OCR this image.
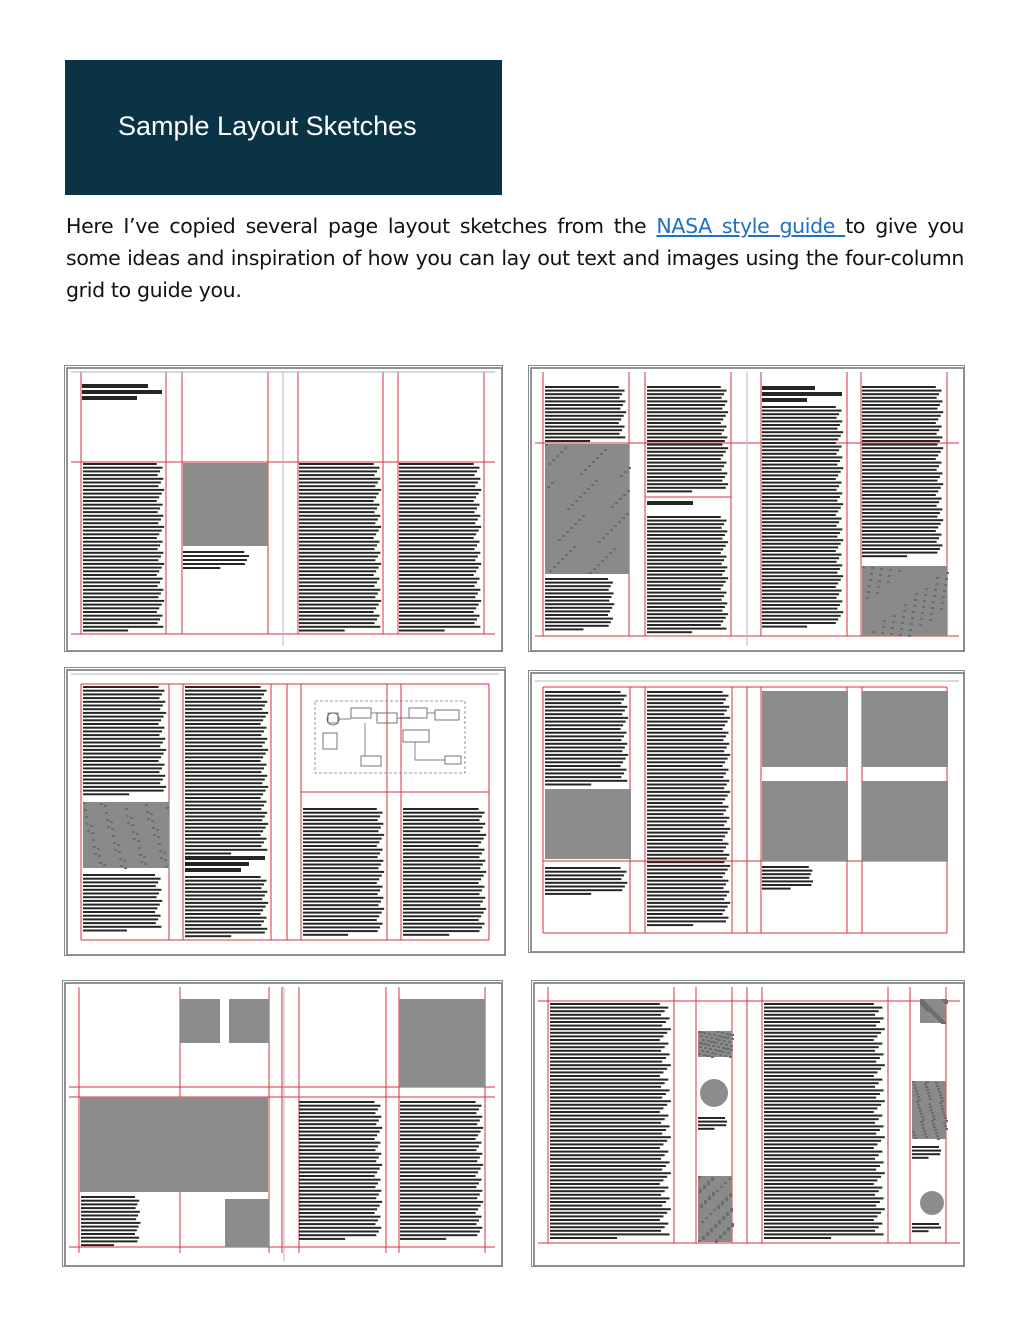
Sample Layout Sketches

Here I’ve copied several page layout sketches from the NASA style guide to give you some ideas and inspiration of how you can lay out text and images using the four-column grid to guide you.
